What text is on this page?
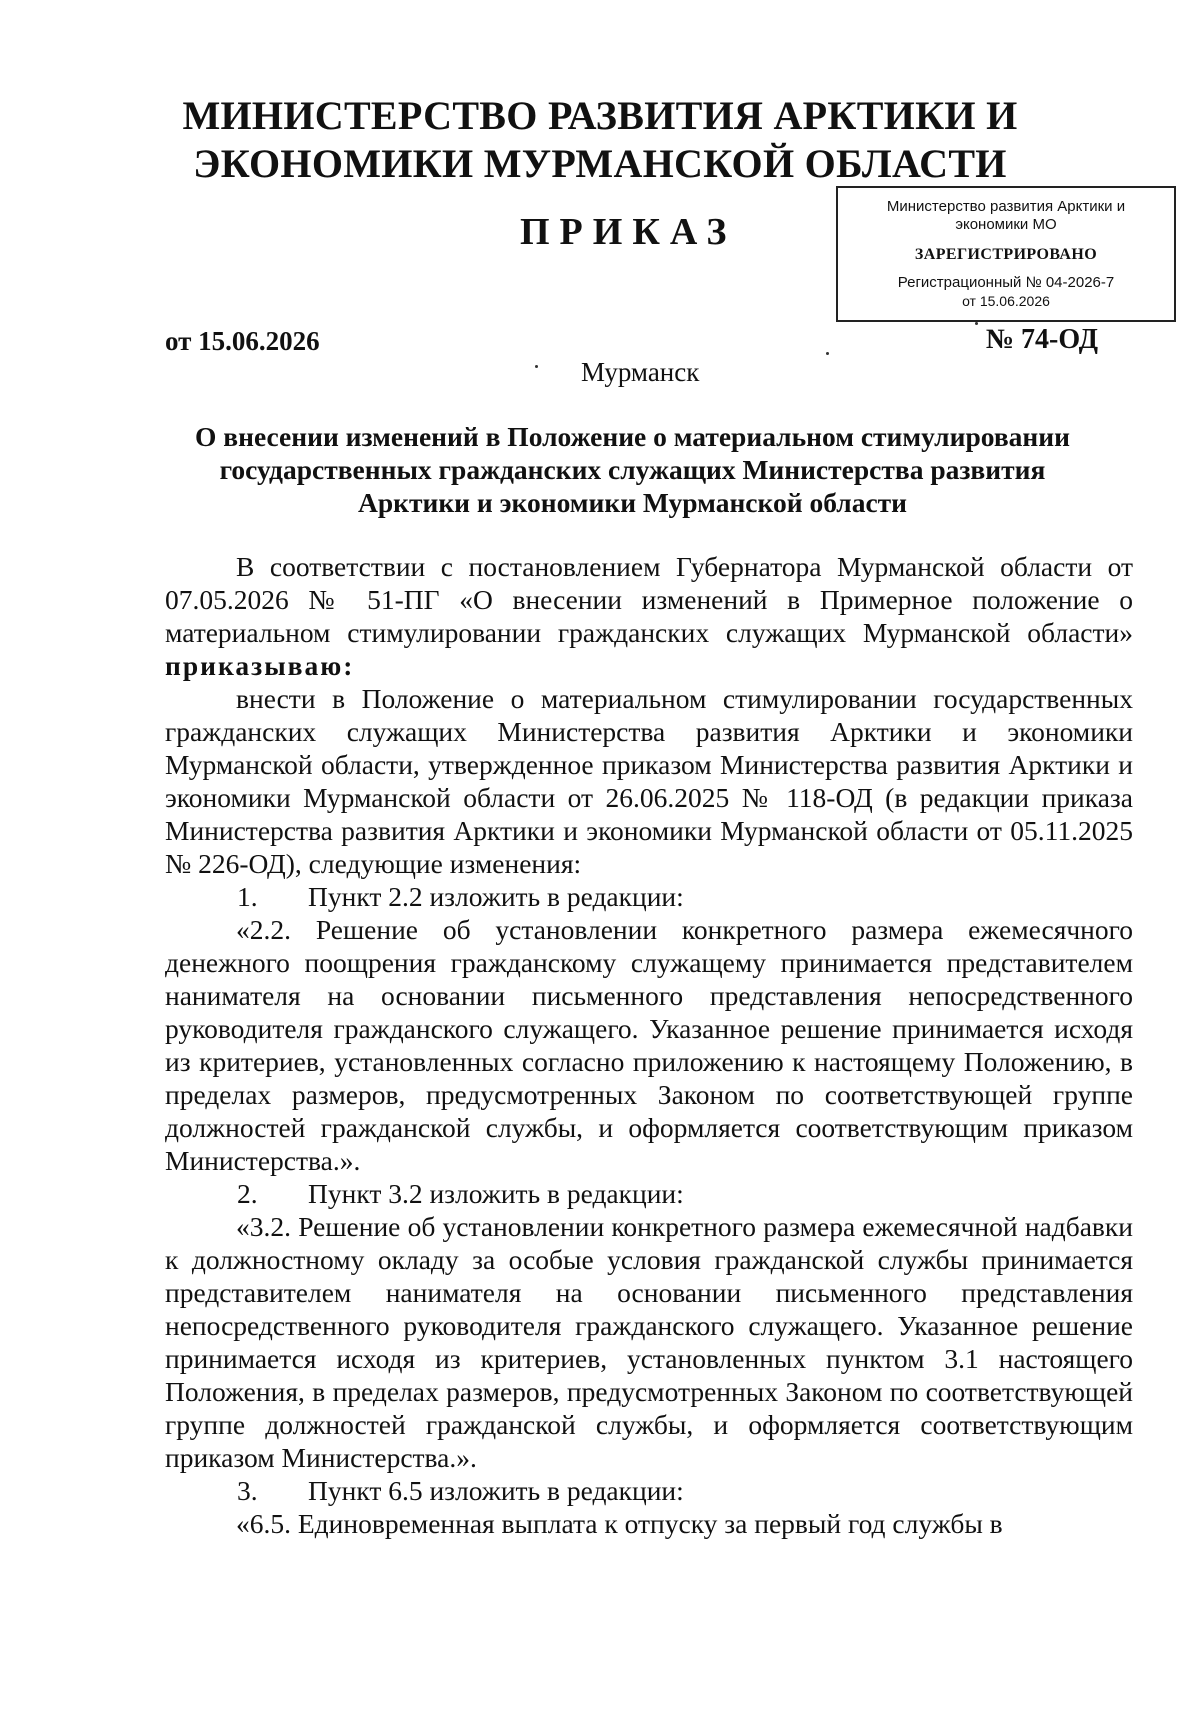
МИНИСТЕРСТВО РАЗВИТИЯ АРКТИКИ И
ЭКОНОМИКИ МУРМАНСКОЙ ОБЛАСТИ
ПРИКАЗ
Министерство развития Арктики и
экономики МО
ЗАРЕГИСТРИРОВАНО
Регистрационный № 04-2026-7
от 15.06.2026
от 15.06.2026	№ 74-ОД
Мурманск
О внесении изменений в Положение о материальном стимулировании
государственных гражданских служащих Министерства развития
Арктики и экономики Мурманской области

В соответствии с постановлением Губернатора Мурманской области от 07.05.2026 № 51-ПГ «О внесении изменений в Примерное положение о материальном стимулировании гражданских служащих Мурманской области» приказываю:

внести в Положение о материальном стимулировании государственных гражданских служащих Министерства развития Арктики и экономики Мурманской области, утвержденное приказом Министерства развития Арктики и экономики Мурманской области от 26.06.2025 № 118-ОД (в редакции приказа Министерства развития Арктики и экономики Мурманской области от 05.11.2025 № 226-ОД), следующие изменения:

1. Пункт 2.2 изложить в редакции:

«2.2. Решение об установлении конкретного размера ежемесячного денежного поощрения гражданскому служащему принимается представителем нанимателя на основании письменного представления непосредственного руководителя гражданского служащего. Указанное решение принимается исходя из критериев, установленных согласно приложению к настоящему Положению, в пределах размеров, предусмотренных Законом по соответствующей группе должностей гражданской службы, и оформляется соответствующим приказом Министерства.».

2. Пункт 3.2 изложить в редакции:

«3.2. Решение об установлении конкретного размера ежемесячной надбавки к должностному окладу за особые условия гражданской службы принимается представителем нанимателя на основании письменного представления непосредственного руководителя гражданского служащего. Указанное решение принимается исходя из критериев, установленных пунктом 3.1 настоящего Положения, в пределах размеров, предусмотренных Законом по соответствующей группе должностей гражданской службы, и оформляется соответствующим приказом Министерства.».

3. Пункт 6.5 изложить в редакции:

«6.5. Единовременная выплата к отпуску за первый год службы в
